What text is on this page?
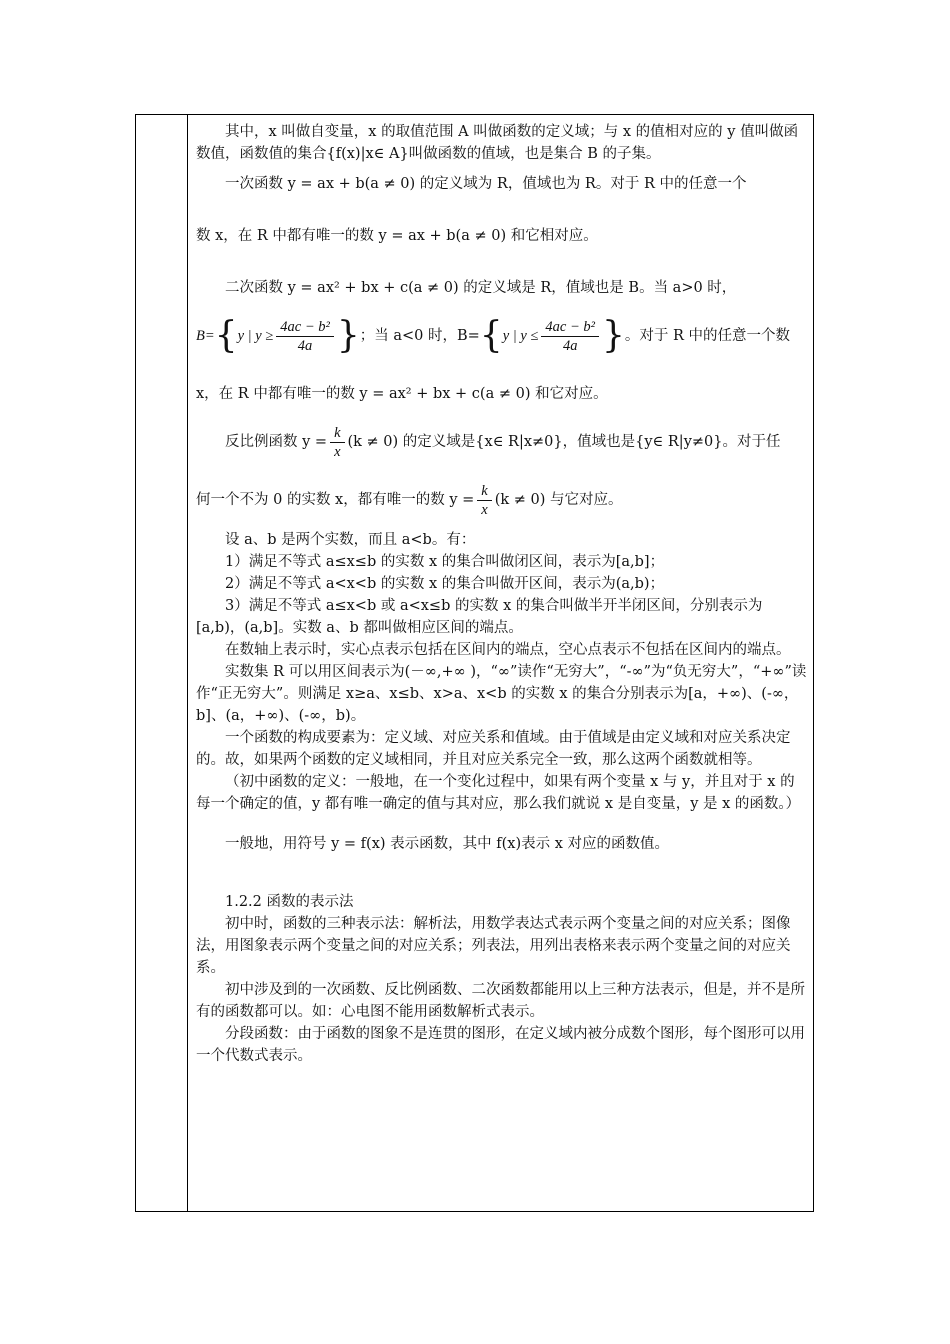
其中，x 叫做自变量，x 的取值范围 A 叫做函数的定义域；与 x 的值相对应的 y 值叫做函数值，函数值的集合{f(x)|x∈ A}叫做函数的值域，也是集合 B 的子集。

一次函数 y = ax + b(a ≠ 0) 的定义域为 R，值域也为 R。对于 R 中的任意一个

数 x，在 R 中都有唯一的数 y = ax + b(a ≠ 0) 和它相对应。

二次函数 y = ax² + bx + c(a ≠ 0) 的定义域是 R，值域也是 B。当 a>0 时，

B= { y | $y \ge \frac{\text{4ac − b²}}{4a}$ } ；当 a<0 时，B= { y | $y \le \frac{\text{4ac − b²}}{4a}$ } 。对于 R 中的任意一个数

x，在 R 中都有唯一的数 y = ax² + bx + c(a ≠ 0) 和它对应。

反比例函数 $y = \frac{k}{x} (k \ne 0)$ 的定义域是{x∈ R|x≠0}，值域也是{y∈ R|y≠0}。对于任
何一个不为 0 的实数 x，都有唯一的数 $y = \frac{k}{x} (k \ne 0)$ 与它对应。

设 a、b 是两个实数，而且 a<b。有：

1）满足不等式 a≤x≤b 的实数 x 的集合叫做闭区间，表示为[a,b]；

2）满足不等式 a<x<b 的实数 x 的集合叫做开区间，表示为(a,b)；

3）满足不等式 a≤x<b 或 a<x≤b 的实数 x 的集合叫做半开半闭区间，分别表示为[a,b)，(a,b]。实数 a、b 都叫做相应区间的端点。

在数轴上表示时，实心点表示包括在区间内的端点，空心点表示不包括在区间内的端点。

实数集 R 可以用区间表示为(－∞,+∞ )，“∞”读作“无穷大”，“-∞”为“负无穷大”，“+∞”读作“正无穷大”。则满足 x≥a、x≤b、x>a、x<b 的实数 x 的集合分别表示为[a，+∞)、(-∞，b]、(a，+∞)、(-∞，b)。

一个函数的构成要素为：定义域、对应关系和值域。由于值域是由定义域和对应关系决定的。故，如果两个函数的定义域相同，并且对应关系完全一致，那么这两个函数就相等。

（初中函数的定义：一般地，在一个变化过程中，如果有两个变量 x 与 y，并且对于 x 的每一个确定的值，y 都有唯一确定的值与其对应，那么我们就说 x 是自变量，y 是 x 的函数。）

一般地，用符号 y = f(x) 表示函数，其中 f(x)表示 x 对应的函数值。

1.2.2 函数的表示法

初中时，函数的三种表示法：解析法，用数学表达式表示两个变量之间的对应关系；图像法，用图象表示两个变量之间的对应关系；列表法，用列出表格来表示两个变量之间的对应关系。

初中涉及到的一次函数、反比例函数、二次函数都能用以上三种方法表示，但是，并不是所有的函数都可以。如：心电图不能用函数解析式表示。

分段函数：由于函数的图象不是连贯的图形，在定义域内被分成数个图形，每个图形可以用一个代数式表示。
